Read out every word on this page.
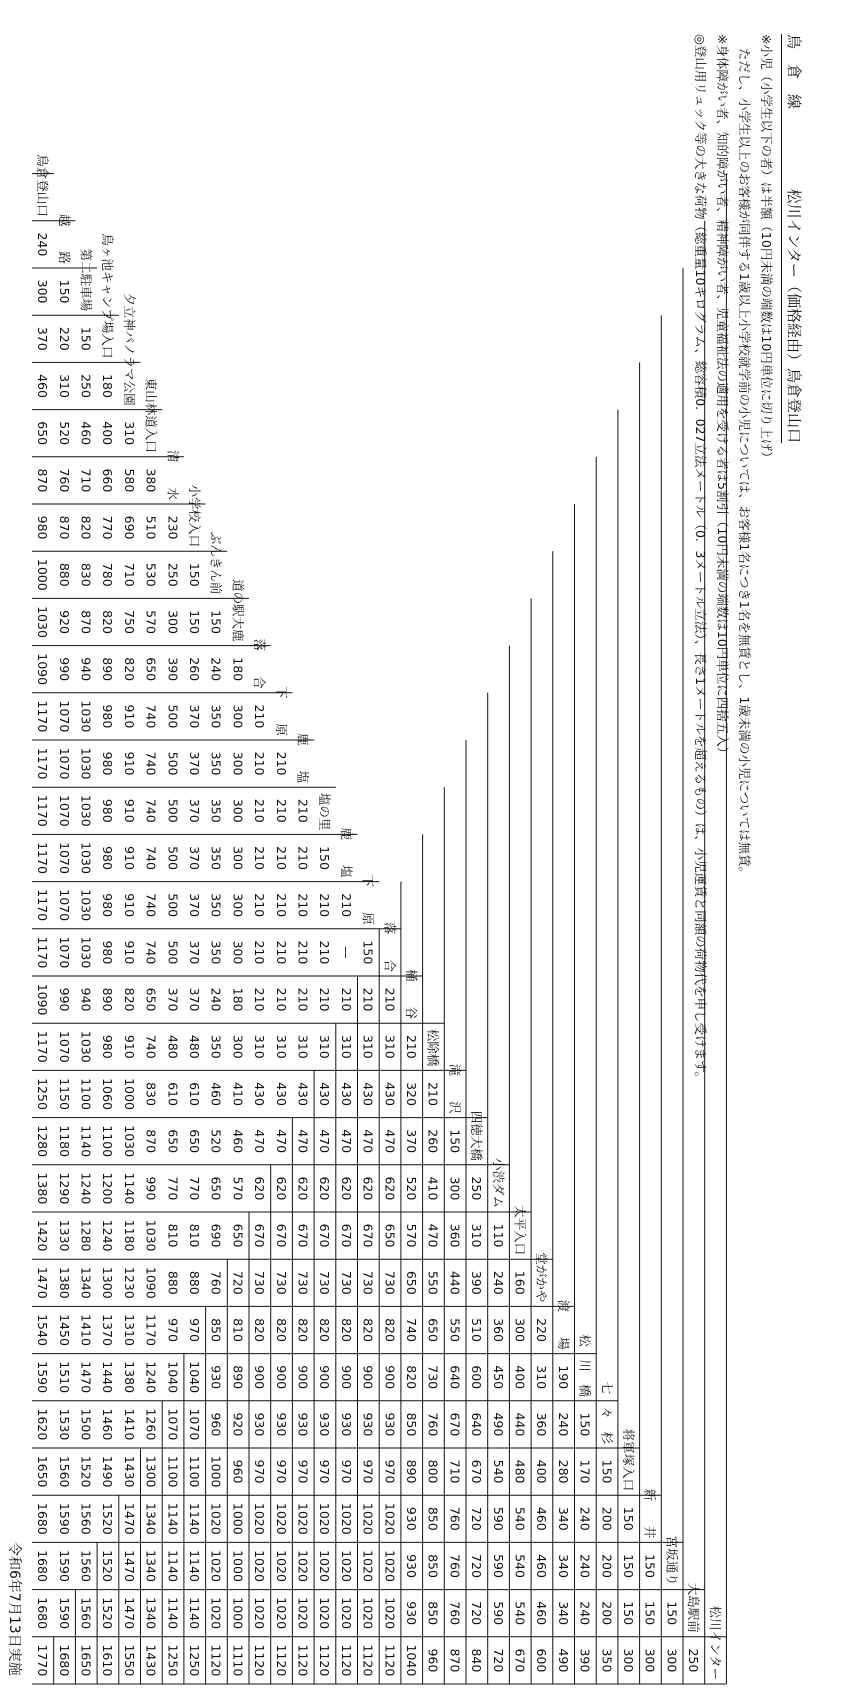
鳥　倉　線  松川インター（価格経由）鳥倉登山口
※小児（小学生以下の者）は半額（10円未満の端数は10円単位に切り上げ）
ただし、小学生以上のお客様が同伴する1歳以上小学校就学前の小児については、お客様1名につき1名を無賃とし、1歳未満の小児については無賃。
※身体障がい者、知的障がい者、精神障がい者、児童福祉法の適用を受ける者は5割引（10円未満の端数は10円単位に四捨五入）
◎登山用リュック等の大きな荷物（総重量10キログラム、総容積0．027立法メートル（0．3メートル立法）、長さ1メートルを超えるもの）は、小児運賃と同額の荷物代を申し受けます。
松川インター
大島駅前
宮坂通り
新　　井
将軍塚入口
七　々　杉
松　川　橋
渡　　場
堂がかや
太平入口
小渋ダム
四徳大橋
滝　　沢
松除橋
桶　　谷
落　　合
下　　原
鹿　　塩
塩の里
鹿　　塩
下　　原
落　　合
道の駅大鹿
ぶんきん前
小学校入口
清　　水
東山林道入口
夕立神パノラマ公園
鳥ヶ池キャンプ場入口
第二駐車場
越　　路
鳥倉登山口
250
300
150
300
150
150
300
150
150
150
350
200
200
200
150
390
240
240
240
170
150
490
340
340
340
280
240
190
600
460
460
460
400
360
310
220
670
540
540
540
480
440
400
300
160
720
590
590
590
540
490
450
360
240
110
840
720
720
720
670
640
600
510
390
310
250
870
760
760
760
710
670
640
550
440
360
300
150
960
850
850
850
800
760
730
650
550
470
410
260
210
1040
930
930
930
890
850
820
740
650
570
520
370
320
210
1120
1020
1020
1020
970
930
900
820
730
650
620
470
430
310
210
1120
1020
1020
1020
970
930
900
820
730
670
620
470
430
310
210
150
1120
1020
1020
1020
970
930
900
820
730
670
620
470
430
310
210
—
210
1120
1020
1020
1020
970
930
900
820
730
670
620
470
430
310
210
210
210
150
1120
1020
1020
1020
970
930
900
820
730
670
620
470
430
310
210
210
210
210
210
1120
1020
1020
1020
970
930
900
820
730
670
620
470
430
310
210
210
210
210
210
210
1120
1020
1020
1020
970
930
900
820
730
670
620
470
430
310
210
210
210
210
210
210
210
1110
1000
1000
1000
960
920
890
810
720
650
570
460
410
300
180
300
300
300
300
300
300
180
1120
1020
1020
1020
1000
960
930
850
760
690
650
520
460
350
240
350
350
350
350
350
350
240
150
1250
1140
1140
1140
1100
1070
1040
970
880
810
770
650
610
480
370
370
370
370
370
370
370
260
150
150
1250
1140
1140
1140
1100
1070
1040
970
880
810
770
650
610
480
370
500
500
500
500
500
500
390
300
250
230
1430
1340
1340
1340
1300
1260
1240
1170
1090
1030
990
870
830
740
650
740
740
740
740
740
740
650
570
530
510
380
1550
1470
1470
1470
1430
1410
1380
1310
1230
1180
1140
1030
1000
910
820
910
910
910
910
910
910
820
750
710
690
580
310
1610
1520
1520
1520
1490
1460
1440
1370
1300
1240
1200
1100
1060
980
890
980
980
980
980
980
980
890
820
780
770
660
400
180
1650
1560
1560
1560
1520
1500
1470
1410
1340
1280
1240
1140
1100
1030
940
1030
1030
1030
1030
1030
1030
940
870
830
820
710
460
250
150
1680
1590
1590
1590
1560
1530
1510
1450
1380
1330
1290
1180
1150
1070
990
1070
1070
1070
1070
1070
1070
990
920
880
870
760
520
310
220
150
1770
1680
1680
1680
1650
1620
1590
1540
1470
1420
1380
1280
1250
1170
1090
1170
1170
1170
1170
1170
1170
1090
1030
1000
980
870
650
460
370
300
240
令和6年7月13日実施
